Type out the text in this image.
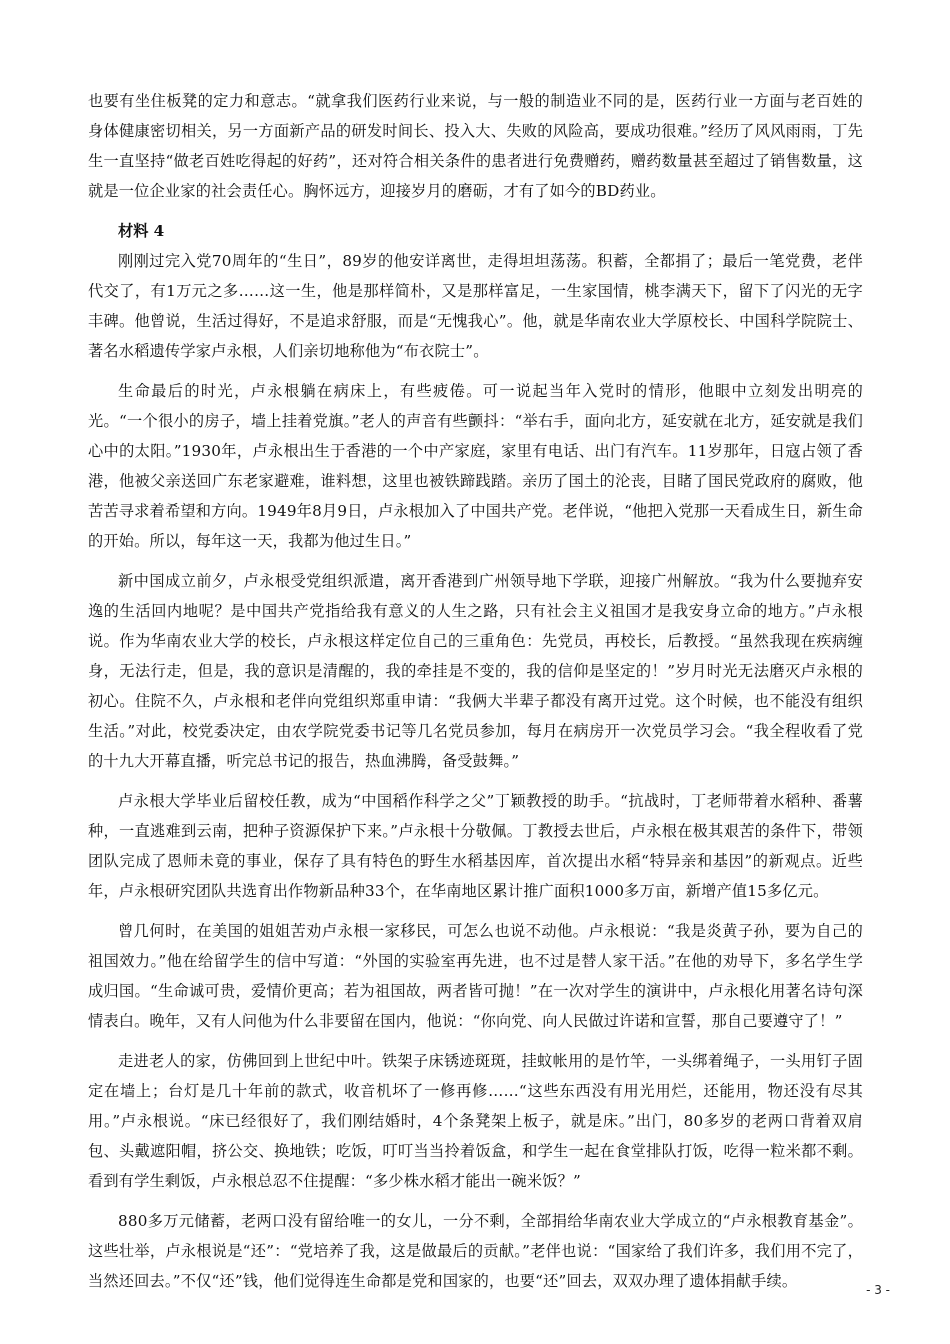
也要有坐住板凳的定力和意志。“就拿我们医药行业来说，与一般的制造业不同的是，医药行业一方面与老百姓的身体健康密切相关，另一方面新产品的研发时间长、投入大、失败的风险高，要成功很难。”经历了风风雨雨，丁先生一直坚持“做老百姓吃得起的好药”，还对符合相关条件的患者进行免费赠药，赠药数量甚至超过了销售数量，这就是一位企业家的社会责任心。胸怀远方，迎接岁月的磨砺，才有了如今的BD药业。

材料 4

刚刚过完入党70周年的“生日”，89岁的他安详离世，走得坦坦荡荡。积蓄，全都捐了；最后一笔党费，老伴代交了，有1万元之多……这一生，他是那样简朴，又是那样富足，一生家国情，桃李满天下，留下了闪光的无字丰碑。他曾说，生活过得好，不是追求舒服，而是“无愧我心”。他，就是华南农业大学原校长、中国科学院院士、著名水稻遗传学家卢永根，人们亲切地称他为“布衣院士”。

生命最后的时光，卢永根躺在病床上，有些疲倦。可一说起当年入党时的情形，他眼中立刻发出明亮的光。“一个很小的房子，墙上挂着党旗。”老人的声音有些颤抖：“举右手，面向北方，延安就在北方，延安就是我们心中的太阳。”1930年，卢永根出生于香港的一个中产家庭，家里有电话、出门有汽车。11岁那年，日寇占领了香港，他被父亲送回广东老家避难，谁料想，这里也被铁蹄践踏。亲历了国土的沦丧，目睹了国民党政府的腐败，他苦苦寻求着希望和方向。1949年8月9日，卢永根加入了中国共产党。老伴说，“他把入党那一天看成生日，新生命的开始。所以，每年这一天，我都为他过生日。”

新中国成立前夕，卢永根受党组织派遣，离开香港到广州领导地下学联，迎接广州解放。“我为什么要抛弃安逸的生活回内地呢？是中国共产党指给我有意义的人生之路，只有社会主义祖国才是我安身立命的地方。”卢永根说。作为华南农业大学的校长，卢永根这样定位自己的三重角色：先党员，再校长，后教授。“虽然我现在疾病缠身，无法行走，但是，我的意识是清醒的，我的牵挂是不变的，我的信仰是坚定的！”岁月时光无法磨灭卢永根的初心。住院不久，卢永根和老伴向党组织郑重申请：“我俩大半辈子都没有离开过党。这个时候，也不能没有组织生活。”对此，校党委决定，由农学院党委书记等几名党员参加，每月在病房开一次党员学习会。“我全程收看了党的十九大开幕直播，听完总书记的报告，热血沸腾，备受鼓舞。”

卢永根大学毕业后留校任教，成为“中国稻作科学之父”丁颖教授的助手。“抗战时，丁老师带着水稻种、番薯种，一直逃难到云南，把种子资源保护下来。”卢永根十分敬佩。丁教授去世后，卢永根在极其艰苦的条件下，带领团队完成了恩师未竟的事业，保存了具有特色的野生水稻基因库，首次提出水稻“特异亲和基因”的新观点。近些年，卢永根研究团队共选育出作物新品种33个，在华南地区累计推广面积1000多万亩，新增产值15多亿元。

曾几何时，在美国的姐姐苦劝卢永根一家移民，可怎么也说不动他。卢永根说：“我是炎黄子孙，要为自己的祖国效力。”他在给留学生的信中写道：“外国的实验室再先进，也不过是替人家干活。”在他的劝导下，多名学生学成归国。“生命诚可贵，爱情价更高；若为祖国故，两者皆可抛！”在一次对学生的演讲中，卢永根化用著名诗句深情表白。晚年，又有人问他为什么非要留在国内，他说：“你向党、向人民做过许诺和宣誓，那自己要遵守了！”

走进老人的家，仿佛回到上世纪中叶。铁架子床锈迹斑斑，挂蚊帐用的是竹竿，一头绑着绳子，一头用钉子固定在墙上；台灯是几十年前的款式，收音机坏了一修再修……“这些东西没有用光用烂，还能用，物还没有尽其用。”卢永根说。“床已经很好了，我们刚结婚时，4个条凳架上板子，就是床。”出门，80多岁的老两口背着双肩包、头戴遮阳帽，挤公交、换地铁；吃饭，叮叮当当拎着饭盒，和学生一起在食堂排队打饭，吃得一粒米都不剩。看到有学生剩饭，卢永根总忍不住提醒：“多少株水稻才能出一碗米饭？”

880多万元储蓄，老两口没有留给唯一的女儿，一分不剩，全部捐给华南农业大学成立的“卢永根教育基金”。这些壮举，卢永根说是“还”：“党培养了我，这是做最后的贡献。”老伴也说：“国家给了我们许多，我们用不完了，当然还回去。”不仅“还”钱，他们觉得连生命都是党和国家的，也要“还”回去，双双办理了遗体捐献手续。	- 3 -
